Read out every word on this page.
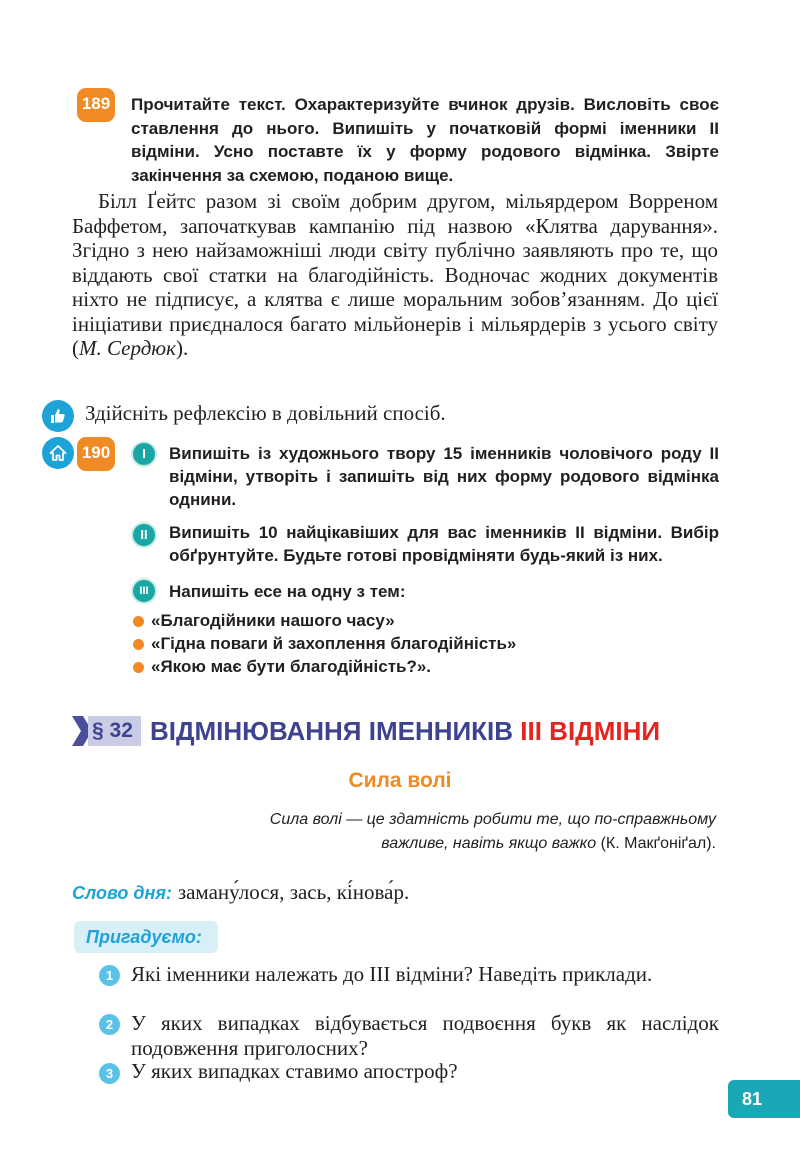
189 Прочитайте текст. Охарактеризуйте вчинок друзів. Висловіть своє ставлення до нього. Випишіть у початковій формі іменники ІІ відміни. Усно поставте їх у форму родового відмінка. Звірте закінчення за схемою, поданою вище.
Білл Ґейтс разом зі своїм добрим другом, мільярдером Ворреном Баффетом, започаткував кампанію під назвою «Клятва дарування». Згідно з нею найзаможніші люди світу публічно заявляють про те, що віддають свої статки на благодійність. Водночас жодних документів ніхто не підписує, а клятва є лише моральним зобов’язанням. До цієї ініціативи приєдналося багато мільйонерів і мільярдерів з усього світу (М. Сердюк).
Здійсніть рефлексію в довільний спосіб.
190	I	Випишіть із художнього твору 15 іменників чоловічого роду ІІ відміни, утворіть і запишіть від них форму родового відмінка однини.
II	Випишіть 10 найцікавіших для вас іменників ІІ відміни. Вибір обґрунтуйте. Будьте готові провідміняти будь-який із них.
III	Напишіть есе на одну з тем:
«Благодійники нашого часу»
«Гідна поваги й захоплення благодійність»
«Якою має бути благодійність?».
§ 32 ВІДМІНЮВАННЯ ІМЕННИКІВ ІІІ ВІДМІНИ
Сила волі
Сила волі — це здатність робити те, що по-справжньому
важливе, навіть якщо важко (К. Макґоніґал).
Слово дня: заману́лося, зась, кі́нова́р.
Пригадуємо:
1 Які іменники належать до ІІІ відміни? Наведіть приклади.
2 У яких випадках відбувається подвоєння букв як наслідок подовження приголосних?
3 У яких випадках ставимо апостроф?
81
